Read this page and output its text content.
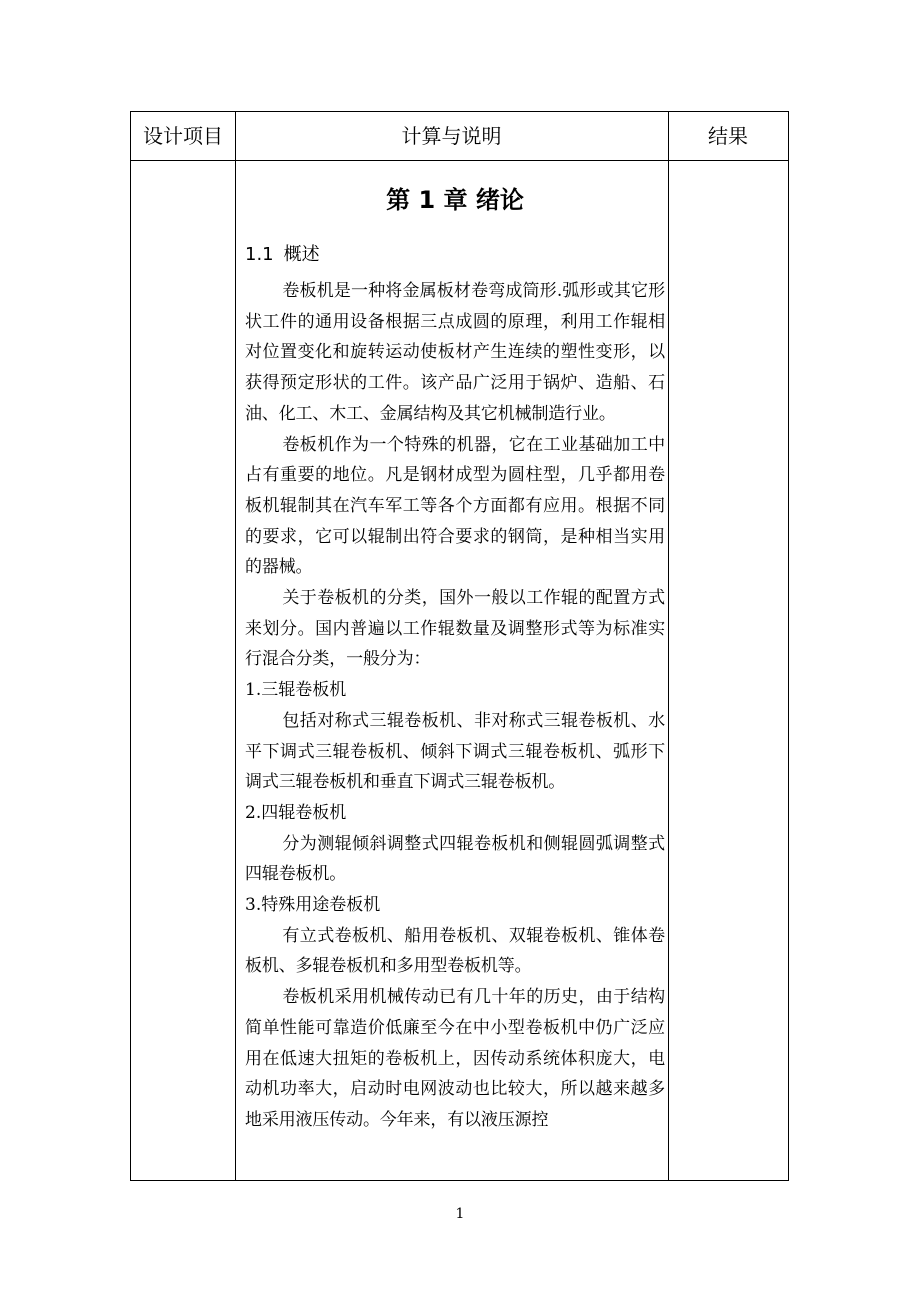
设计项目	计算与说明	结果
第 1 章 绪论
1.1 概述

卷板机是一种将金属板材卷弯成筒形.弧形或其它形状工件的通用设备根据三点成圆的原理，利用工作辊相对位置变化和旋转运动使板材产生连续的塑性变形，以获得预定形状的工件。该产品广泛用于锅炉、造船、石油、化工、木工、金属结构及其它机械制造行业。

卷板机作为一个特殊的机器，它在工业基础加工中占有重要的地位。凡是钢材成型为圆柱型，几乎都用卷板机辊制其在汽车军工等各个方面都有应用。根据不同的要求，它可以辊制出符合要求的钢筒，是种相当实用的器械。

关于卷板机的分类，国外一般以工作辊的配置方式来划分。国内普遍以工作辊数量及调整形式等为标准实行混合分类，一般分为：

1.三辊卷板机

包括对称式三辊卷板机、非对称式三辊卷板机、水平下调式三辊卷板机、倾斜下调式三辊卷板机、弧形下调式三辊卷板机和垂直下调式三辊卷板机。

2.四辊卷板机

分为测辊倾斜调整式四辊卷板机和侧辊圆弧调整式四辊卷板机。

3.特殊用途卷板机

有立式卷板机、船用卷板机、双辊卷板机、锥体卷板机、多辊卷板机和多用型卷板机等。

卷板机采用机械传动已有几十年的历史，由于结构简单性能可靠造价低廉至今在中小型卷板机中仍广泛应用在低速大扭矩的卷板机上，因传动系统体积庞大，电动机功率大，启动时电网波动也比较大，所以越来越多地采用液压传动。今年来，有以液压源控

1
